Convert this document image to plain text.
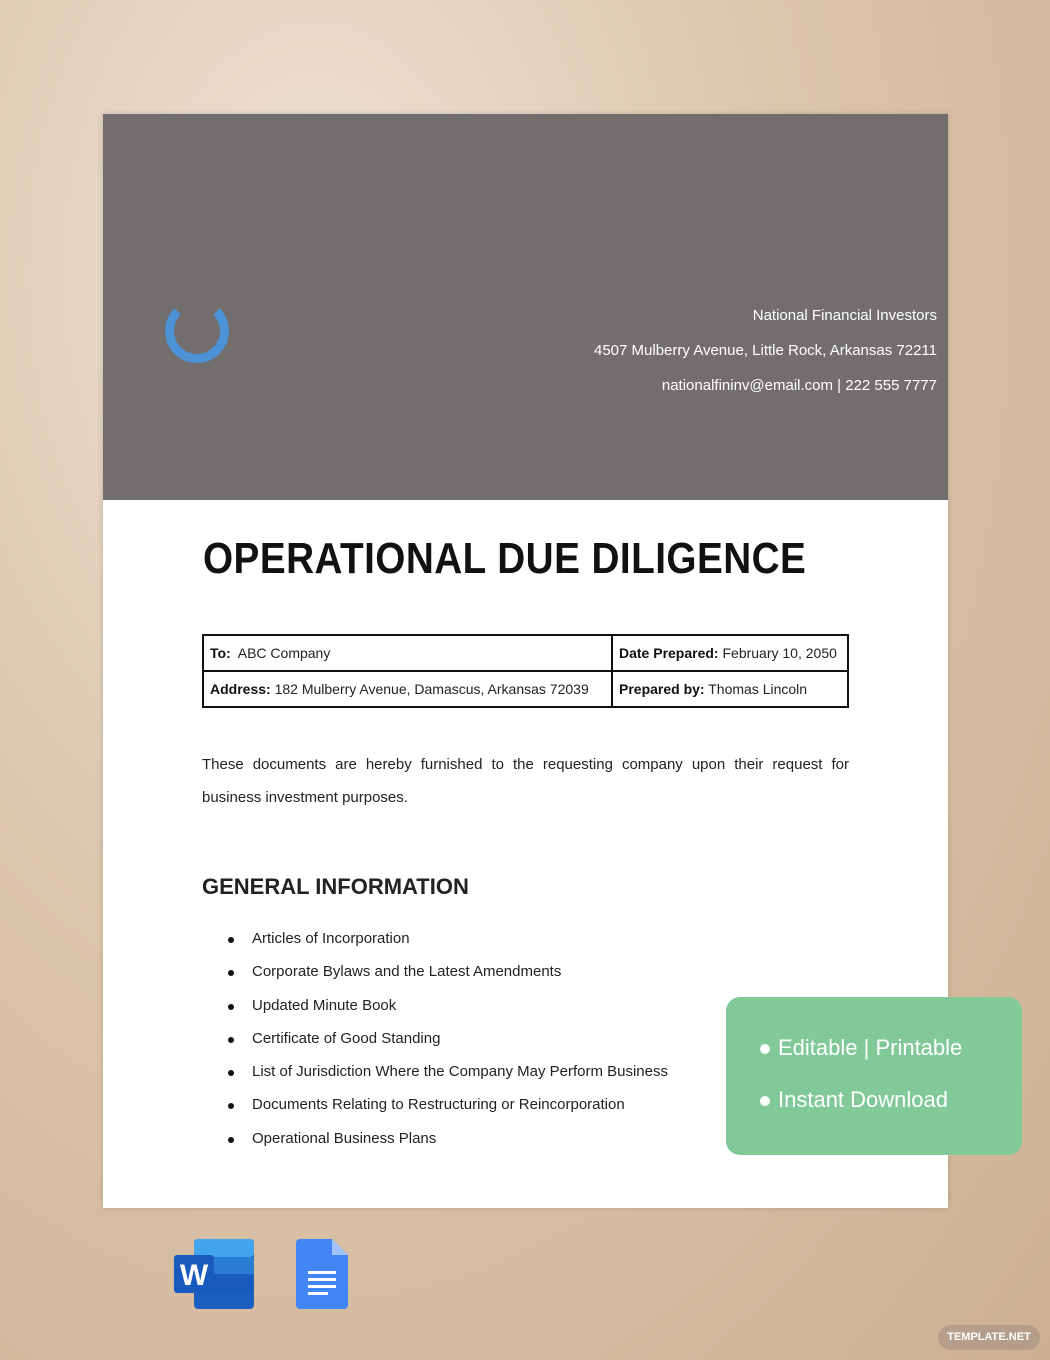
National Financial Investors
4507 Mulberry Avenue, Little Rock, Arkansas 72211
nationalfininv@email.com | 222 555 7777
OPERATIONAL DUE DILIGENCE
To: ABC Company	Date Prepared: February 10, 2050
Address: 182 Mulberry Avenue, Damascus, Arkansas 72039	Prepared by: Thomas Lincoln

These documents are hereby furnished to the requesting company upon their request for business investment purposes.

GENERAL INFORMATION
Articles of Incorporation
Corporate Bylaws and the Latest Amendments
Updated Minute Book
Certificate of Good Standing
List of Jurisdiction Where the Company May Perform Business
Documents Relating to Restructuring or Reincorporation
Operational Business Plans
Editable | Printable
Instant Download
W
TEMPLATE.NET
